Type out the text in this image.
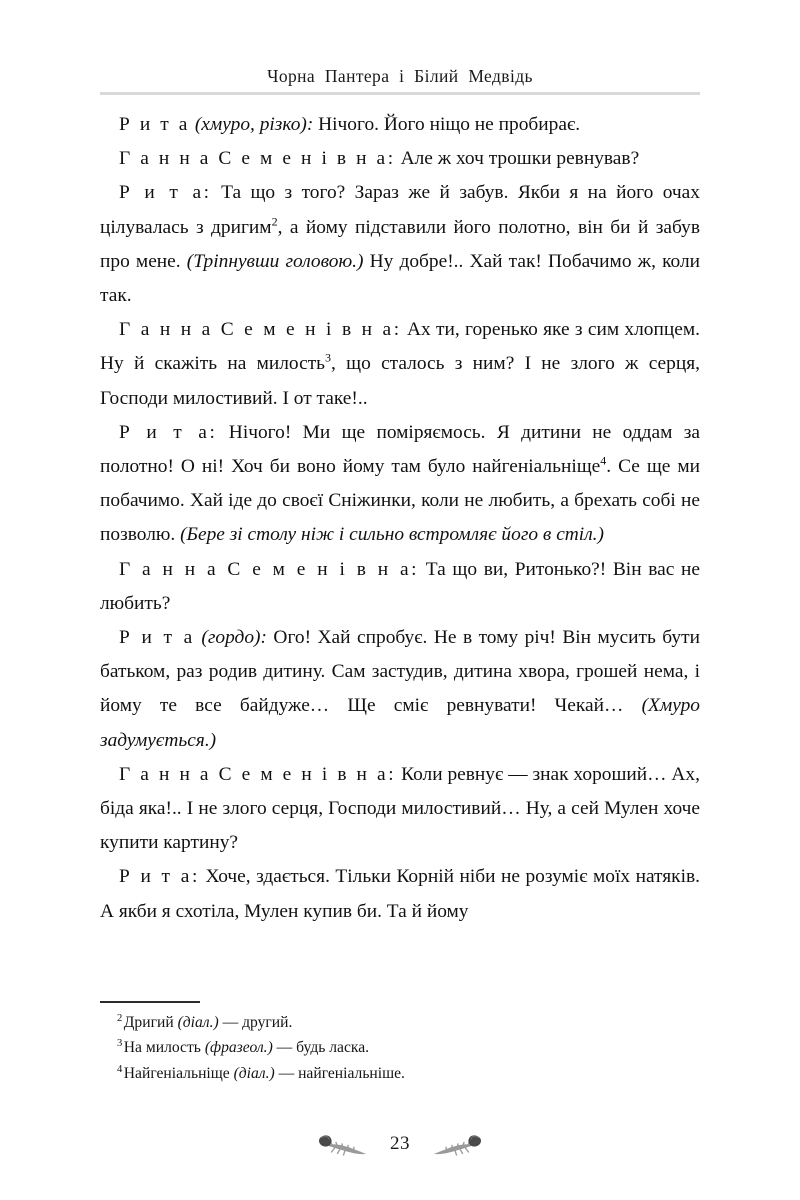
Чорна Пантера і Білий Медвідь

Р и т а (хмуро, різко): Нічого. Його ніщо не пробирає.

Г а н н а С е м е н і в н а: Але ж хоч трошки ревнував?

Р и т а: Та що з того? Зараз же й забув. Якби я на його очах цілувалась з дригим$^2$, а йому підставили його полотно, він би й забув про мене. (Тріпнувши головою.) Ну добре!.. Хай так! Побачимо ж, коли так.

Г а н н а С е м е н і в н а: Ах ти, горенько яке з сим хлопцем. Ну й скажіть на милость$^3$, що сталось з ним? І не злого ж серця, Господи милостивий. І от таке!..

Р и т а: Нічого! Ми ще поміряємось. Я дитини не оддам за полотно! О ні! Хоч би воно йому там було найгеніальніще$^4$. Се ще ми побачимо. Хай іде до своєї Сніжинки, коли не любить, а брехать собі не позволю. (Бере зі столу ніж і сильно встромляє його в стіл.)

Г а н н а С е м е н і в н а: Та що ви, Ритонько?! Він вас не любить?

Р и т а (гордо): Ого! Хай спробує. Не в тому річ! Він мусить бути батьком, раз родив дитину. Сам застудив, дитина хвора, грошей нема, і йому те все байдуже… Ще сміє ревнувати! Чекай… (Хмуро задумується.)

Г а н н а С е м е н і в н а: Коли ревнує — знак хороший… Ах, біда яка!.. І не злого серця, Господи милостивий… Ну, а сей Мулен хоче купити картину?

Р и т а: Хоче, здається. Тільки Корній ніби не розуміє моїх натяків. А якби я схотіла, Мулен купив би. Та й йому

$^2$Дригий (діал.) — другий.

$^3$На милость (фразеол.) — будь ласка.

$^4$Найгеніальніще (діал.) — найгеніальніше.

23
